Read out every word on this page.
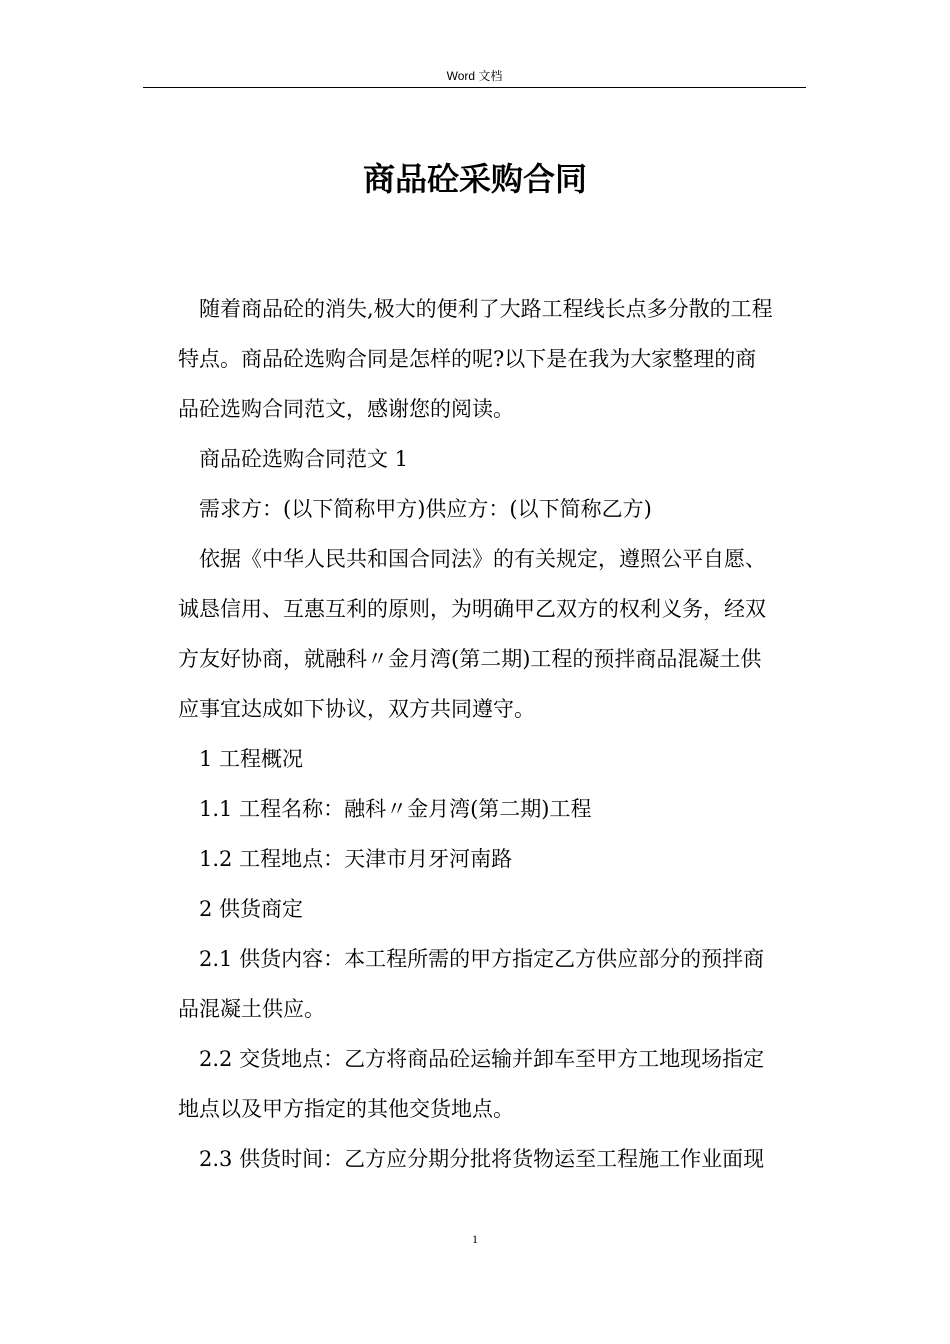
Word 文档
商品砼采购合同

随着商品砼的消失,极大的便利了大路工程线长点多分散的工程
特点。商品砼选购合同是怎样的呢?以下是在我为大家整理的商
品砼选购合同范文，感谢您的阅读。

商品砼选购合同范文 1

需求方：(以下简称甲方)供应方：(以下简称乙方)

依据《中华人民共和国合同法》的有关规定，遵照公平自愿、
诚恳信用、互惠互利的原则，为明确甲乙双方的权利义务，经双
方友好协商，就融科〃金月湾(第二期)工程的预拌商品混凝土供
应事宜达成如下协议，双方共同遵守。

1 工程概况

1.1 工程名称：融科〃金月湾(第二期)工程

1.2 工程地点：天津市月牙河南路

2 供货商定

2.1 供货内容：本工程所需的甲方指定乙方供应部分的预拌商
品混凝土供应。

2.2 交货地点：乙方将商品砼运输并卸车至甲方工地现场指定
地点以及甲方指定的其他交货地点。

2.3 供货时间：乙方应分期分批将货物运至工程施工作业面现

1
